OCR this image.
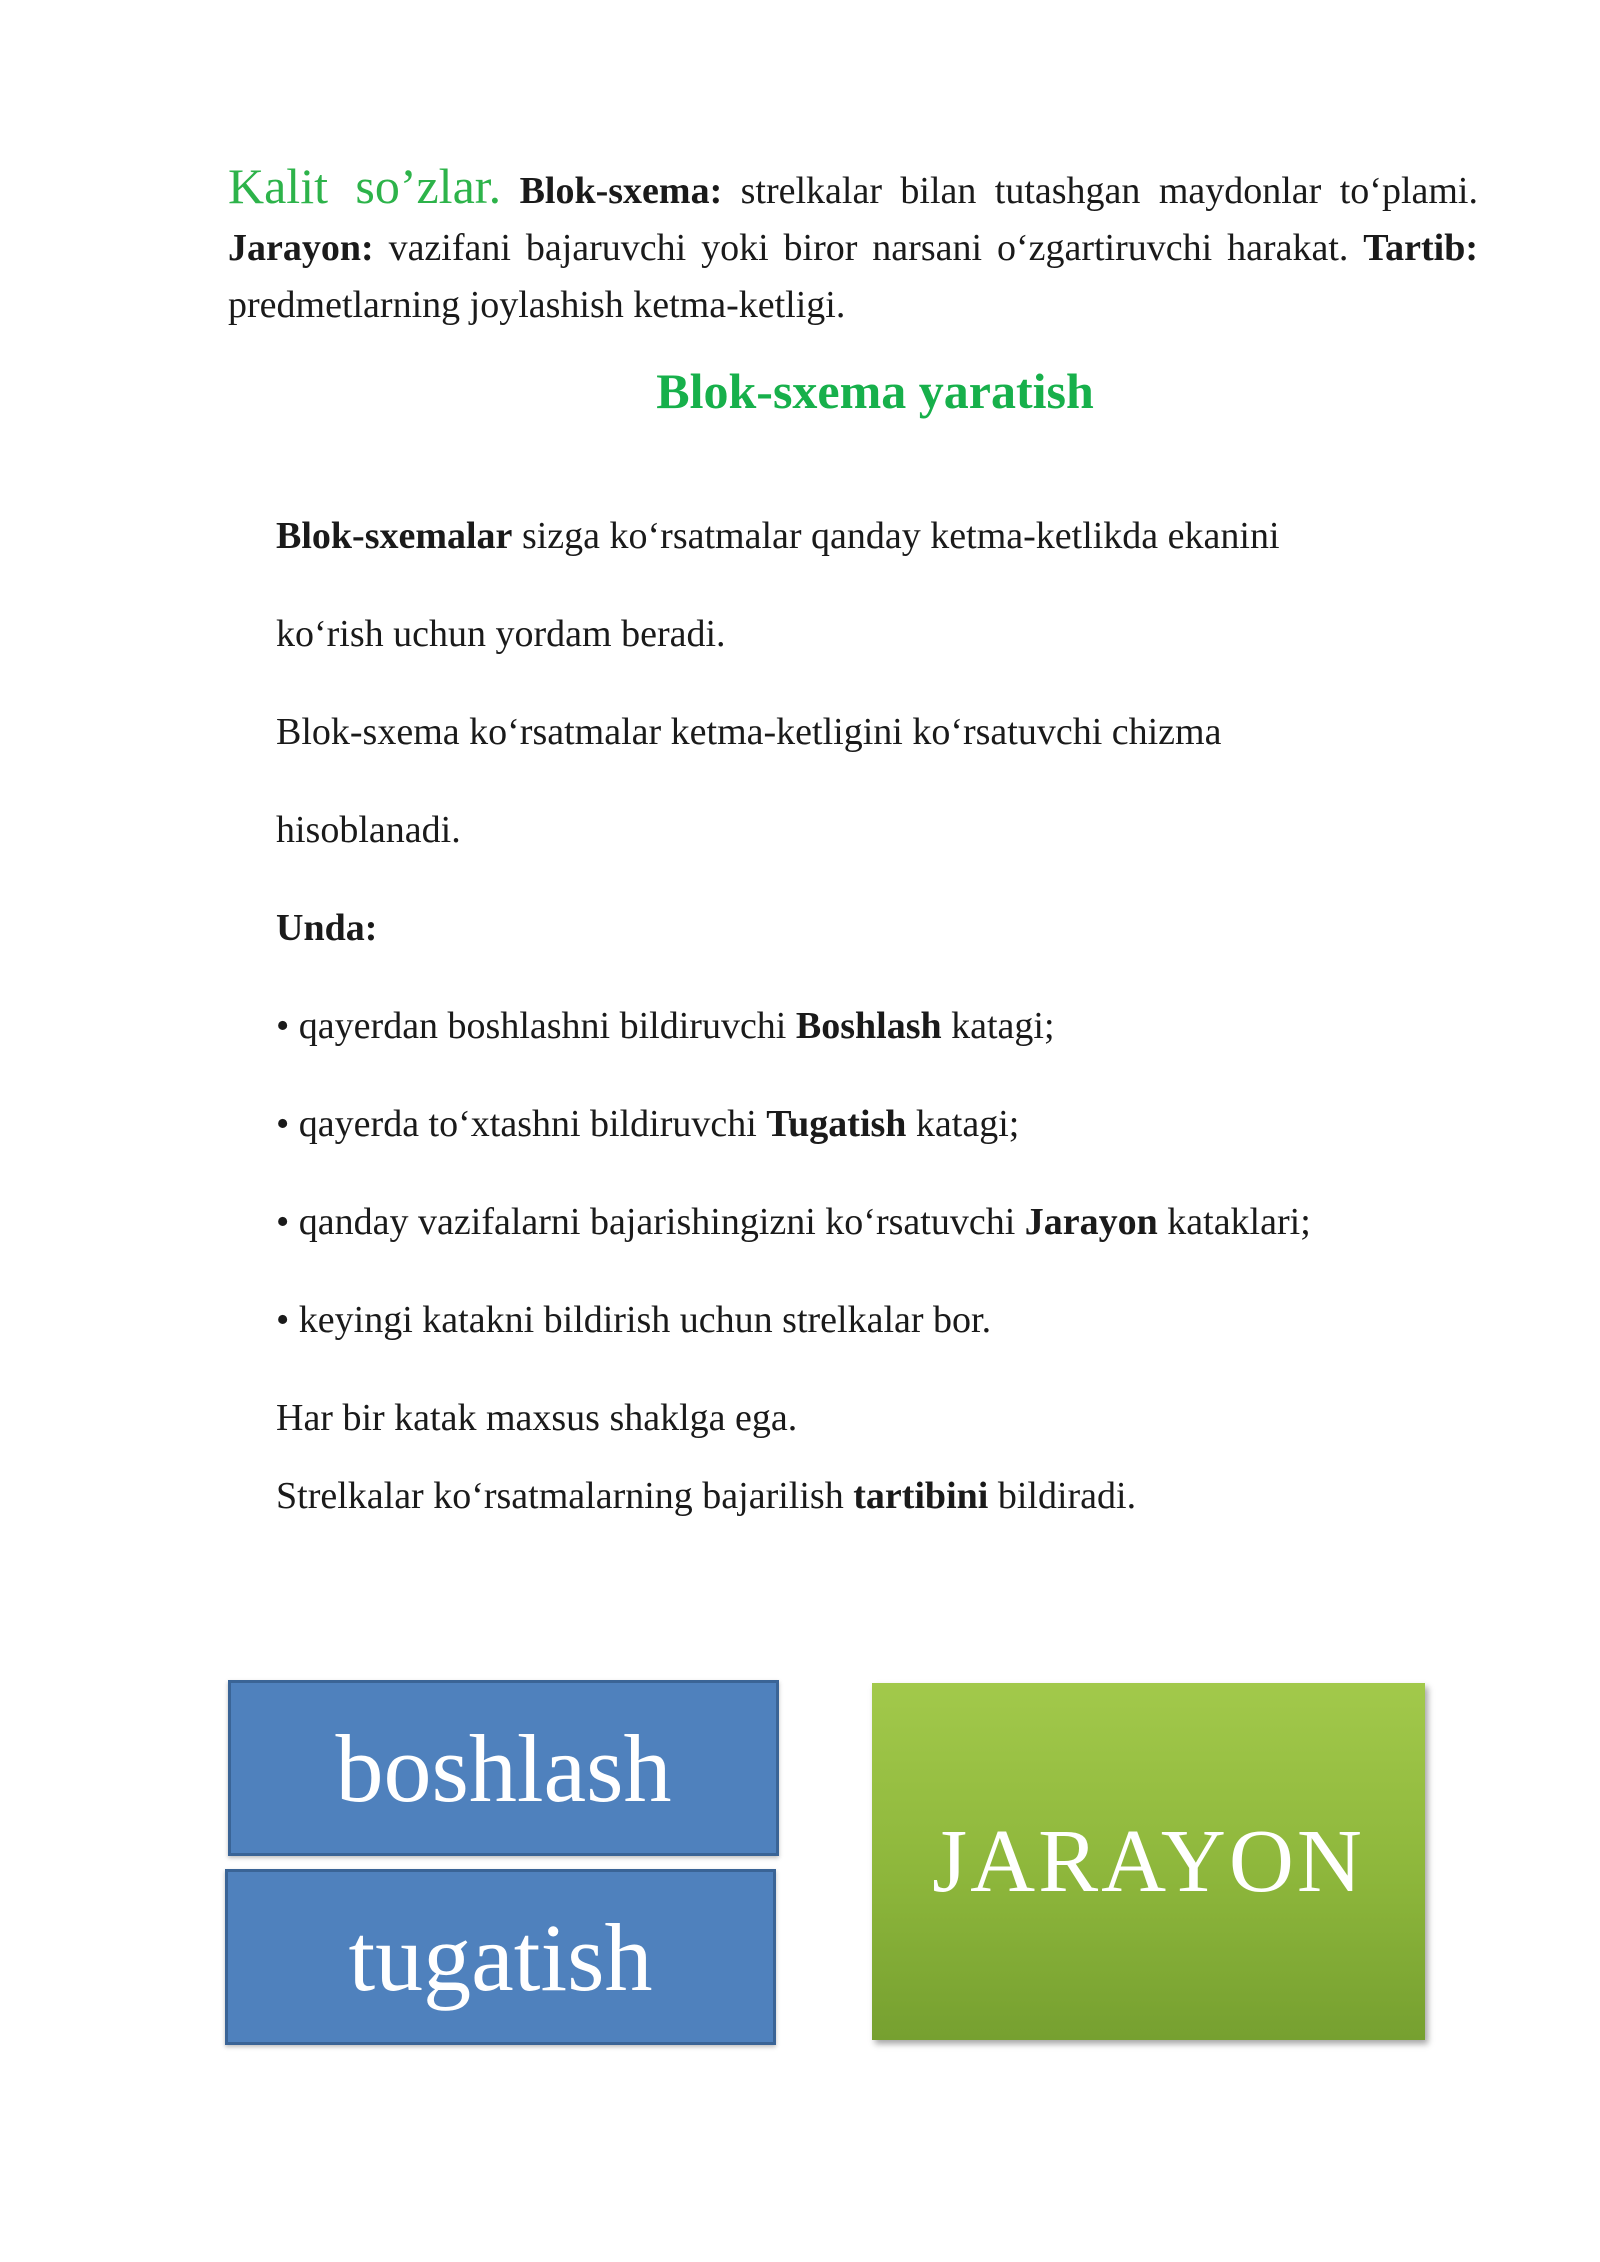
Kalit so’zlar. Blok-sxema: strelkalar bilan tutashgan maydonlar to‘plami. Jarayon: vazifani bajaruvchi yoki biror narsani o‘zgartiruvchi harakat. Tartib: predmetlarning joylashish ketma-ketligi.
Blok-sxema yaratish
Blok-sxemalar sizga ko‘rsatmalar qanday ketma-ketlikda ekanini
ko‘rish uchun yordam beradi.
Blok-sxema ko‘rsatmalar ketma-ketligini ko‘rsatuvchi chizma
hisoblanadi.
Unda:
• qayerdan boshlashni bildiruvchi Boshlash katagi;
• qayerda to‘xtashni bildiruvchi Tugatish katagi;
• qanday vazifalarni bajarishingizni ko‘rsatuvchi Jarayon kataklari;
• keyingi katakni bildirish uchun strelkalar bor.
Har bir katak maxsus shaklga ega.
Strelkalar ko‘rsatmalarning bajarilish tartibini bildiradi.
boshlash
tugatish
JARAYON
